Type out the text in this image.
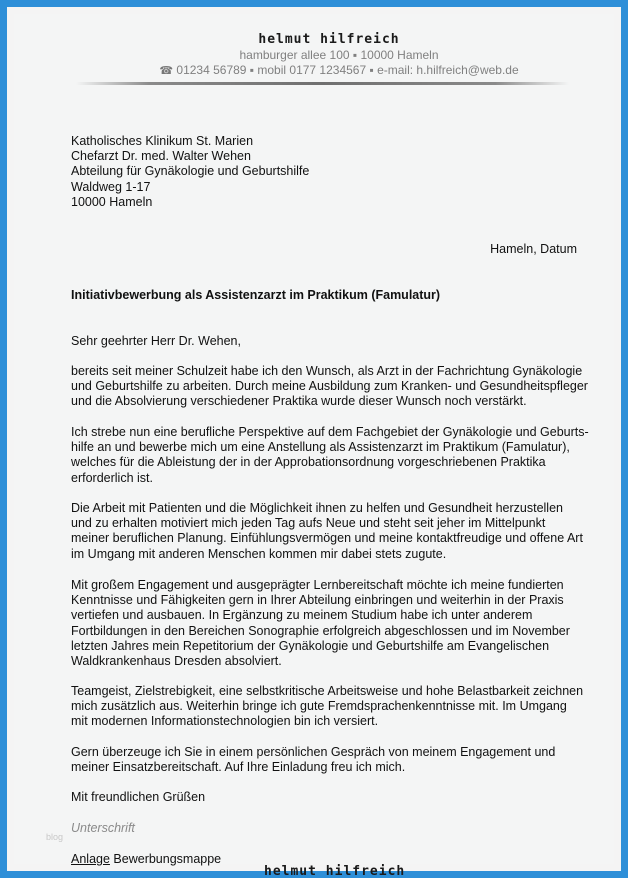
helmut hilfreich
hamburger allee 100 ▪ 10000 Hameln
☎ 01234 56789 ▪ mobil 0177 1234567 ▪ e-mail: h.hilfreich@web.de
Katholisches Klinikum St. Marien
Chefarzt Dr. med. Walter Wehen
Abteilung für Gynäkologie und Geburtshilfe
Waldweg 1-17
10000 Hameln
Hameln, Datum
Initiativbewerbung als Assistenzarzt im Praktikum (Famulatur)
Sehr geehrter Herr Dr. Wehen,
bereits seit meiner Schulzeit habe ich den Wunsch, als Arzt in der Fachrichtung Gynäkologie
und Geburtshilfe zu arbeiten. Durch meine Ausbildung zum Kranken- und Gesundheitspfleger
und die Absolvierung verschiedener Praktika wurde dieser Wunsch noch verstärkt.
Ich strebe nun eine berufliche Perspektive auf dem Fachgebiet der Gynäkologie und Geburts-
hilfe an und bewerbe mich um eine Anstellung als Assistenzarzt im Praktikum (Famulatur),
welches für die Ableistung der in der Approbationsordnung vorgeschriebenen Praktika
erforderlich ist.
Die Arbeit mit Patienten und die Möglichkeit ihnen zu helfen und Gesundheit herzustellen
und zu erhalten motiviert mich jeden Tag aufs Neue und steht seit jeher im Mittelpunkt
meiner beruflichen Planung. Einfühlungsvermögen und meine kontaktfreudige und offene Art
im Umgang mit anderen Menschen kommen mir dabei stets zugute.
Mit großem Engagement und ausgeprägter Lernbereitschaft möchte ich meine fundierten
Kenntnisse und Fähigkeiten gern in Ihrer Abteilung einbringen und weiterhin in der Praxis
vertiefen und ausbauen. In Ergänzung zu meinem Studium habe ich unter anderem
Fortbildungen in den Bereichen Sonographie erfolgreich abgeschlossen und im November
letzten Jahres mein Repetitorium der Gynäkologie und Geburtshilfe am Evangelischen
Waldkrankenhaus Dresden absolviert.
Teamgeist, Zielstrebigkeit, eine selbstkritische Arbeitsweise und hohe Belastbarkeit zeichnen
mich zusätzlich aus. Weiterhin bringe ich gute Fremdsprachenkenntnisse mit. Im Umgang
mit modernen Informationstechnologien bin ich versiert.
Gern überzeuge ich Sie in einem persönlichen Gespräch von meinem Engagement und
meiner Einsatzbereitschaft. Auf Ihre Einladung freu ich mich.
Mit freundlichen Grüßen
Unterschrift
blog
Anlage Bewerbungsmappe
helmut hilfreich
